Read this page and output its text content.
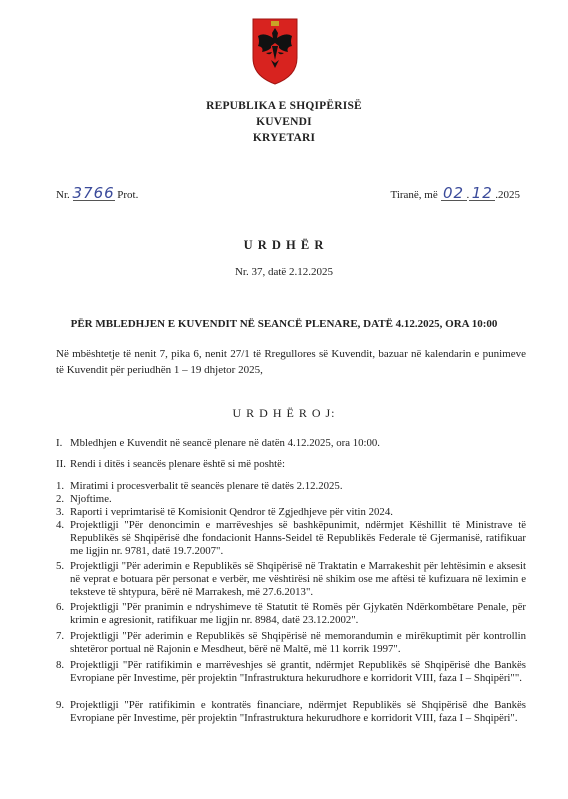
REPUBLIKA E SHQIPËRISË
KUVENDI
KRYETARI
Nr. 3766 Prot.	Tiranë, më 02 . 12 .2025
U R D H Ë R
Nr. 37, datë 2.12.2025
PËR MBLEDHJEN E KUVENDIT NË SEANCË PLENARE, DATË 4.12.2025, ORA 10:00
Në mbështetje të nenit 7, pika 6, nenit 27/1 të Rregullores së Kuvendit, bazuar në kalendarin e punimeve të Kuvendit për periudhën 1 – 19 dhjetor 2025,
U R D H Ë R O J:
I. Mbledhjen e Kuvendit në seancë plenare në datën 4.12.2025, ora 10:00.
II. Rendi i ditës i seancës plenare është si më poshtë:
1. Miratimi i procesverbalit të seancës plenare të datës 2.12.2025.
2. Njoftime.
3. Raporti i veprimtarisë të Komisionit Qendror të Zgjedhjeve për vitin 2024.
4. Projektligji "Për denoncimin e marrëveshjes së bashkëpunimit, ndërmjet Këshillit të Ministrave të Republikës së Shqipërisë dhe fondacionit Hanns-Seidel të Republikës Federale të Gjermanisë, ratifikuar me ligjin nr. 9781, datë 19.7.2007".
5. Projektligji "Për aderimin e Republikës së Shqipërisë në Traktatin e Marrakeshit për lehtësimin e aksesit në veprat e botuara për personat e verbër, me vështirësi në shikim ose me aftësi të kufizuara në leximin e teksteve të shtypura, bërë në Marrakesh, më 27.6.2013".
6. Projektligji "Për pranimin e ndryshimeve të Statutit të Romës për Gjykatën Ndërkombëtare Penale, për krimin e agresionit, ratifikuar me ligjin nr. 8984, datë 23.12.2002".
7. Projektligji "Për aderimin e Republikës së Shqipërisë në memorandumin e mirëkuptimit për kontrollin shtetëror portual në Rajonin e Mesdheut, bërë në Maltë, më 11 korrik 1997".
8. Projektligji "Për ratifikimin e marrëveshjes së grantit, ndërmjet Republikës së Shqipërisë dhe Bankës Evropiane për Investime, për projektin "Infrastruktura hekurudhore e korridorit VIII, faza I – Shqipëri"".
9. Projektligji "Për ratifikimin e kontratës financiare, ndërmjet Republikës së Shqipërisë dhe Bankës Evropiane për Investime, për projektin "Infrastruktura hekurudhore e korridorit VIII, faza I – Shqipëri".
